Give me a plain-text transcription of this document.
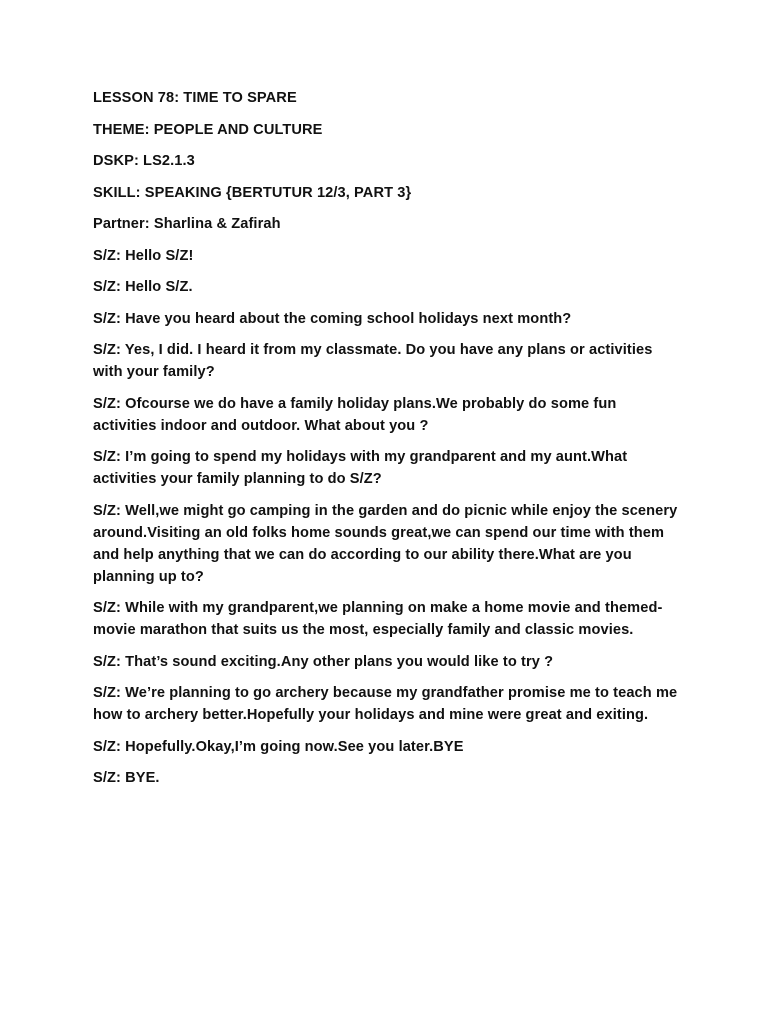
LESSON 78: TIME TO SPARE

THEME: PEOPLE AND CULTURE

DSKP: LS2.1.3

SKILL: SPEAKING {BERTUTUR 12/3, PART 3}

Partner: Sharlina & Zafirah

S/Z: Hello S/Z!

S/Z: Hello S/Z.

S/Z: Have you heard about the coming school holidays next month?

S/Z: Yes, I did. I heard it from my classmate. Do you have any plans or activities with your family?

S/Z: Ofcourse we do have a family holiday plans.We probably do some fun activities indoor and outdoor. What about you ?

S/Z: I’m going to spend my holidays with my grandparent and my aunt.What activities your family planning to do S/Z?

S/Z: Well,we might go camping in the garden and do picnic while enjoy the scenery around.Visiting an old folks home sounds great,we can spend our time with them and help anything that we can do according to our ability there.What are you planning up to?

S/Z: While with my grandparent,we planning on make a home movie and themed-movie marathon that suits us the most, especially family and classic movies.

S/Z: That’s sound exciting.Any other plans you would like to try ?

S/Z: We’re planning to go archery because my grandfather promise me to teach me how to archery better.Hopefully your holidays and mine were great and exiting.

S/Z: Hopefully.Okay,I’m going now.See you later.BYE

S/Z: BYE.
